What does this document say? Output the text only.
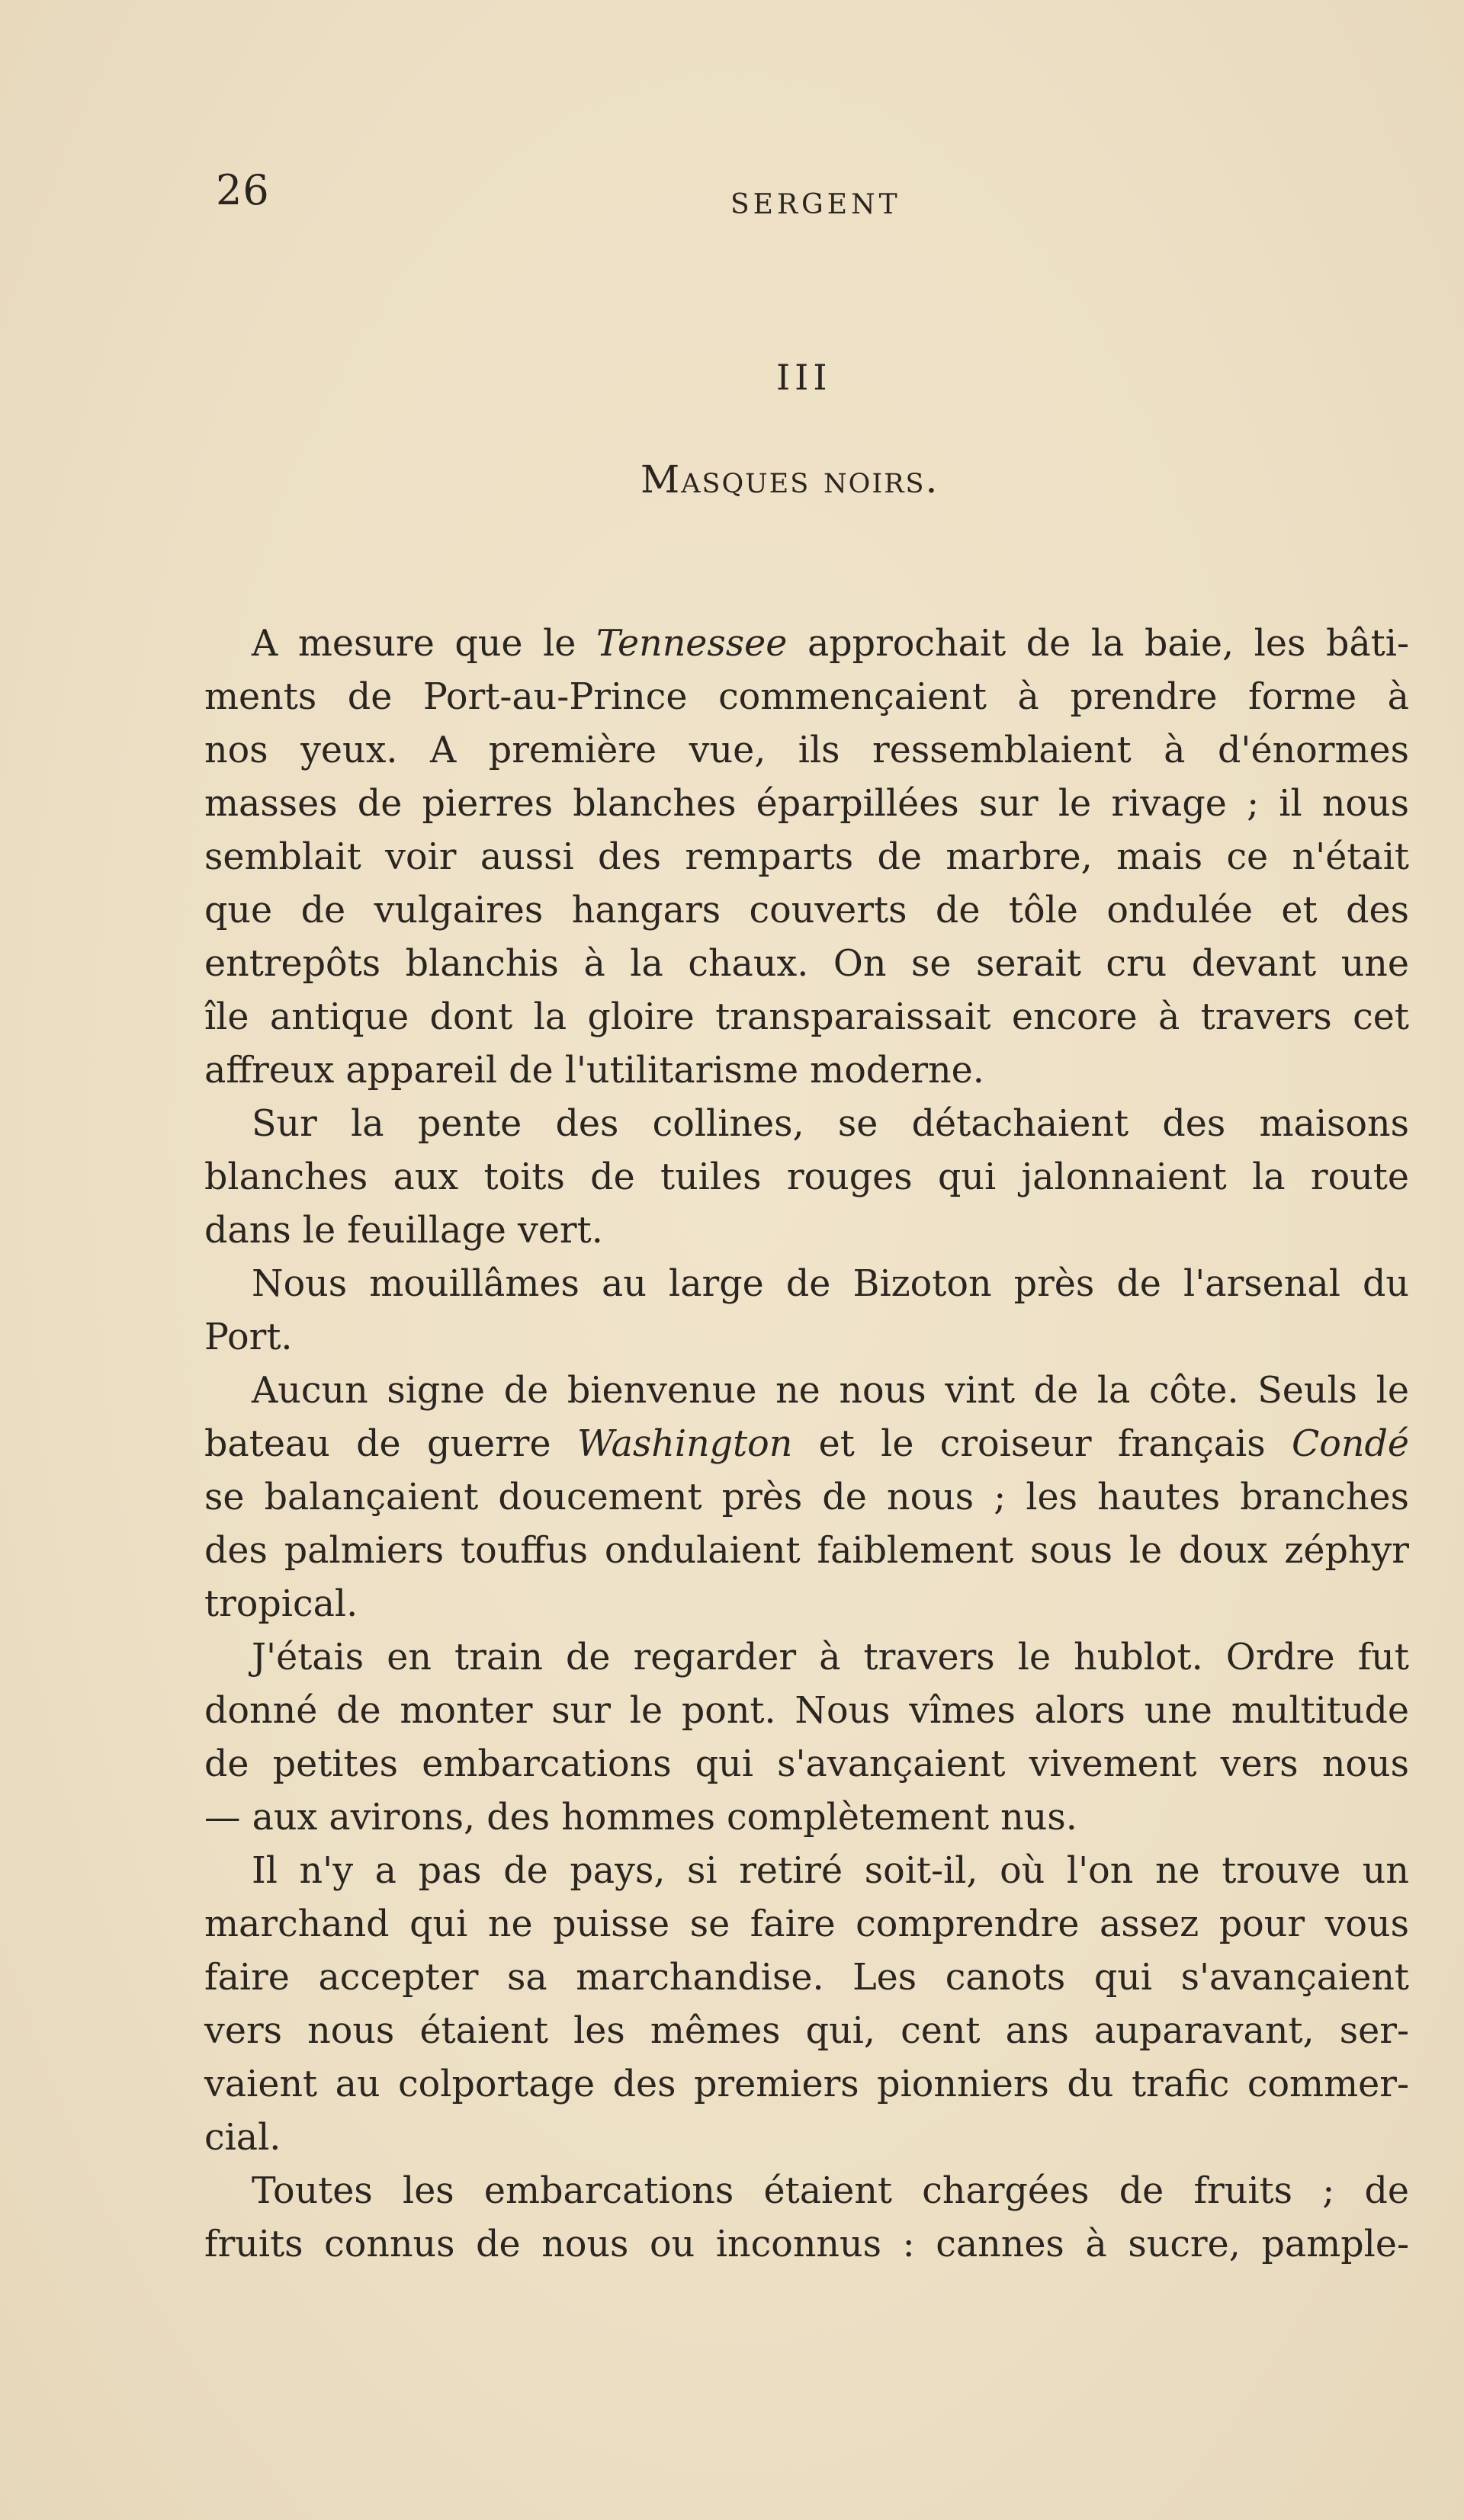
26	SERGENT
III
Masques noirs.
A mesure que le Tennessee approchait de la baie, les bâti-
ments de Port-au-Prince commençaient à prendre forme à
nos yeux. A première vue, ils ressemblaient à d'énormes
masses de pierres blanches éparpillées sur le rivage ; il nous
semblait voir aussi des remparts de marbre, mais ce n'était
que de vulgaires hangars couverts de tôle ondulée et des
entrepôts blanchis à la chaux. On se serait cru devant une
île antique dont la gloire transparaissait encore à travers cet
affreux appareil de l'utilitarisme moderne.
Sur la pente des collines, se détachaient des maisons
blanches aux toits de tuiles rouges qui jalonnaient la route
dans le feuillage vert.
Nous mouillâmes au large de Bizoton près de l'arsenal du
Port.
Aucun signe de bienvenue ne nous vint de la côte. Seuls le
bateau de guerre Washington et le croiseur français Condé
se balançaient doucement près de nous ; les hautes branches
des palmiers touffus ondulaient faiblement sous le doux zéphyr
tropical.
J'étais en train de regarder à travers le hublot. Ordre fut
donné de monter sur le pont. Nous vîmes alors une multitude
de petites embarcations qui s'avançaient vivement vers nous
— aux avirons, des hommes complètement nus.
Il n'y a pas de pays, si retiré soit-il, où l'on ne trouve un
marchand qui ne puisse se faire comprendre assez pour vous
faire accepter sa marchandise. Les canots qui s'avançaient
vers nous étaient les mêmes qui, cent ans auparavant, ser-
vaient au colportage des premiers pionniers du trafic commer-
cial.
Toutes les embarcations étaient chargées de fruits ; de
fruits connus de nous ou inconnus : cannes à sucre, pample-
